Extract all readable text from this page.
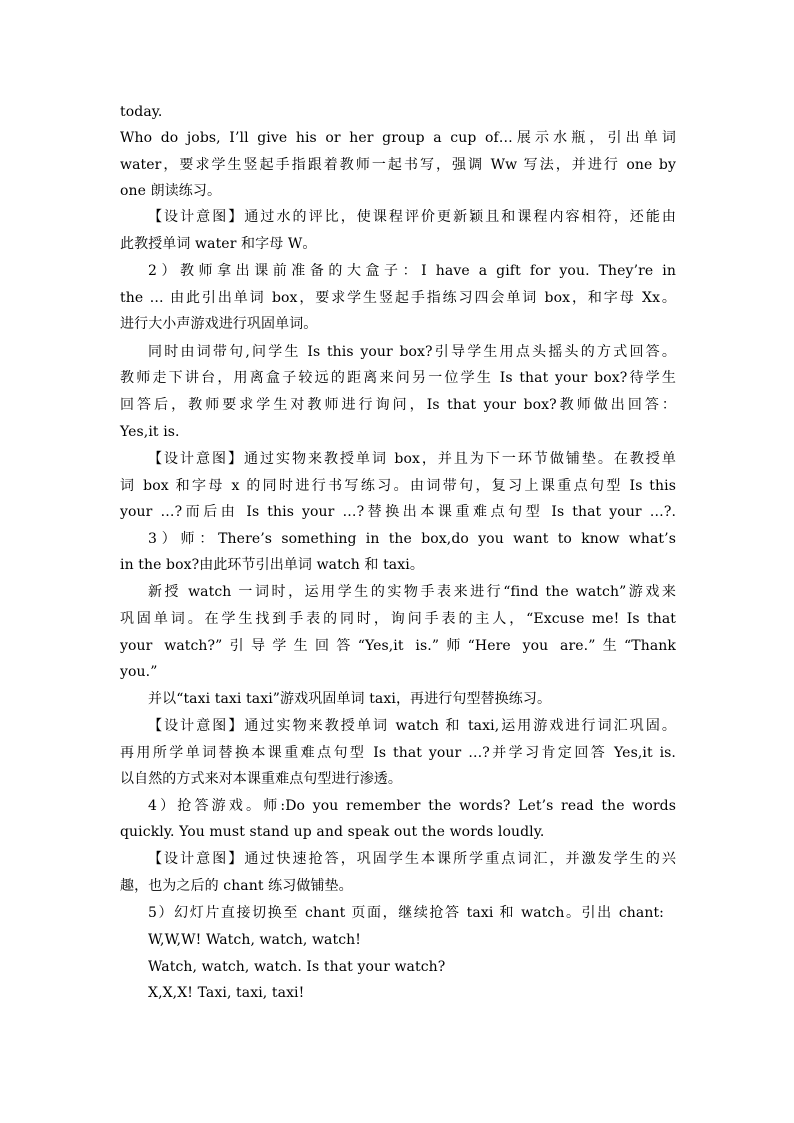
today.
Who do jobs, I’ll give his or her group a cup of…展示水瓶，引出单词
water，要求学生竖起手指跟着教师一起书写，强调 Ww 写法，并进行 one by
one 朗读练习。
【设计意图】通过水的评比，使课程评价更新颖且和课程内容相符，还能由
此教授单词 water 和字母 W。
2）教师拿出课前准备的大盒子：I have a gift for you. They’re in
the … 由此引出单词 box，要求学生竖起手指练习四会单词 box，和字母 Xx。
进行大小声游戏进行巩固单词。
同时由词带句,问学生 Is this your box?引导学生用点头摇头的方式回答。
教师走下讲台，用离盒子较远的距离来问另一位学生 Is that your box?待学生
回答后，教师要求学生对教师进行询问，Is that your box?教师做出回答：
Yes,it is.
【设计意图】通过实物来教授单词 box，并且为下一环节做铺垫。在教授单
词 box 和字母 x 的同时进行书写练习。由词带句，复习上课重点句型 Is this
your …?而后由 Is this your …?替换出本课重难点句型 Is that your …?.
3）师：There’s something in the box,do you want to know what’s
in the box?由此环节引出单词 watch 和 taxi。
新授 watch 一词时，运用学生的实物手表来进行“find the watch”游戏来
巩固单词。在学生找到手表的同时，询问手表的主人，“Excuse me! Is that
your watch?”引导学生回答“Yes,it is.”师“Here you are.”生“Thank
you.”
并以“taxi taxi taxi”游戏巩固单词 taxi，再进行句型替换练习。
【设计意图】通过实物来教授单词 watch 和 taxi,运用游戏进行词汇巩固。
再用所学单词替换本课重难点句型 Is that your …?并学习肯定回答 Yes,it is.
以自然的方式来对本课重难点句型进行渗透。
4）抢答游戏。师:Do you remember the words? Let’s read the words
quickly. You must stand up and speak out the words loudly.
【设计意图】通过快速抢答，巩固学生本课所学重点词汇，并激发学生的兴
趣，也为之后的 chant 练习做铺垫。
5）幻灯片直接切换至 chant 页面，继续抢答 taxi 和 watch。引出 chant:
W,W,W! Watch, watch, watch!
Watch, watch, watch. Is that your watch?
X,X,X! Taxi, taxi, taxi!
